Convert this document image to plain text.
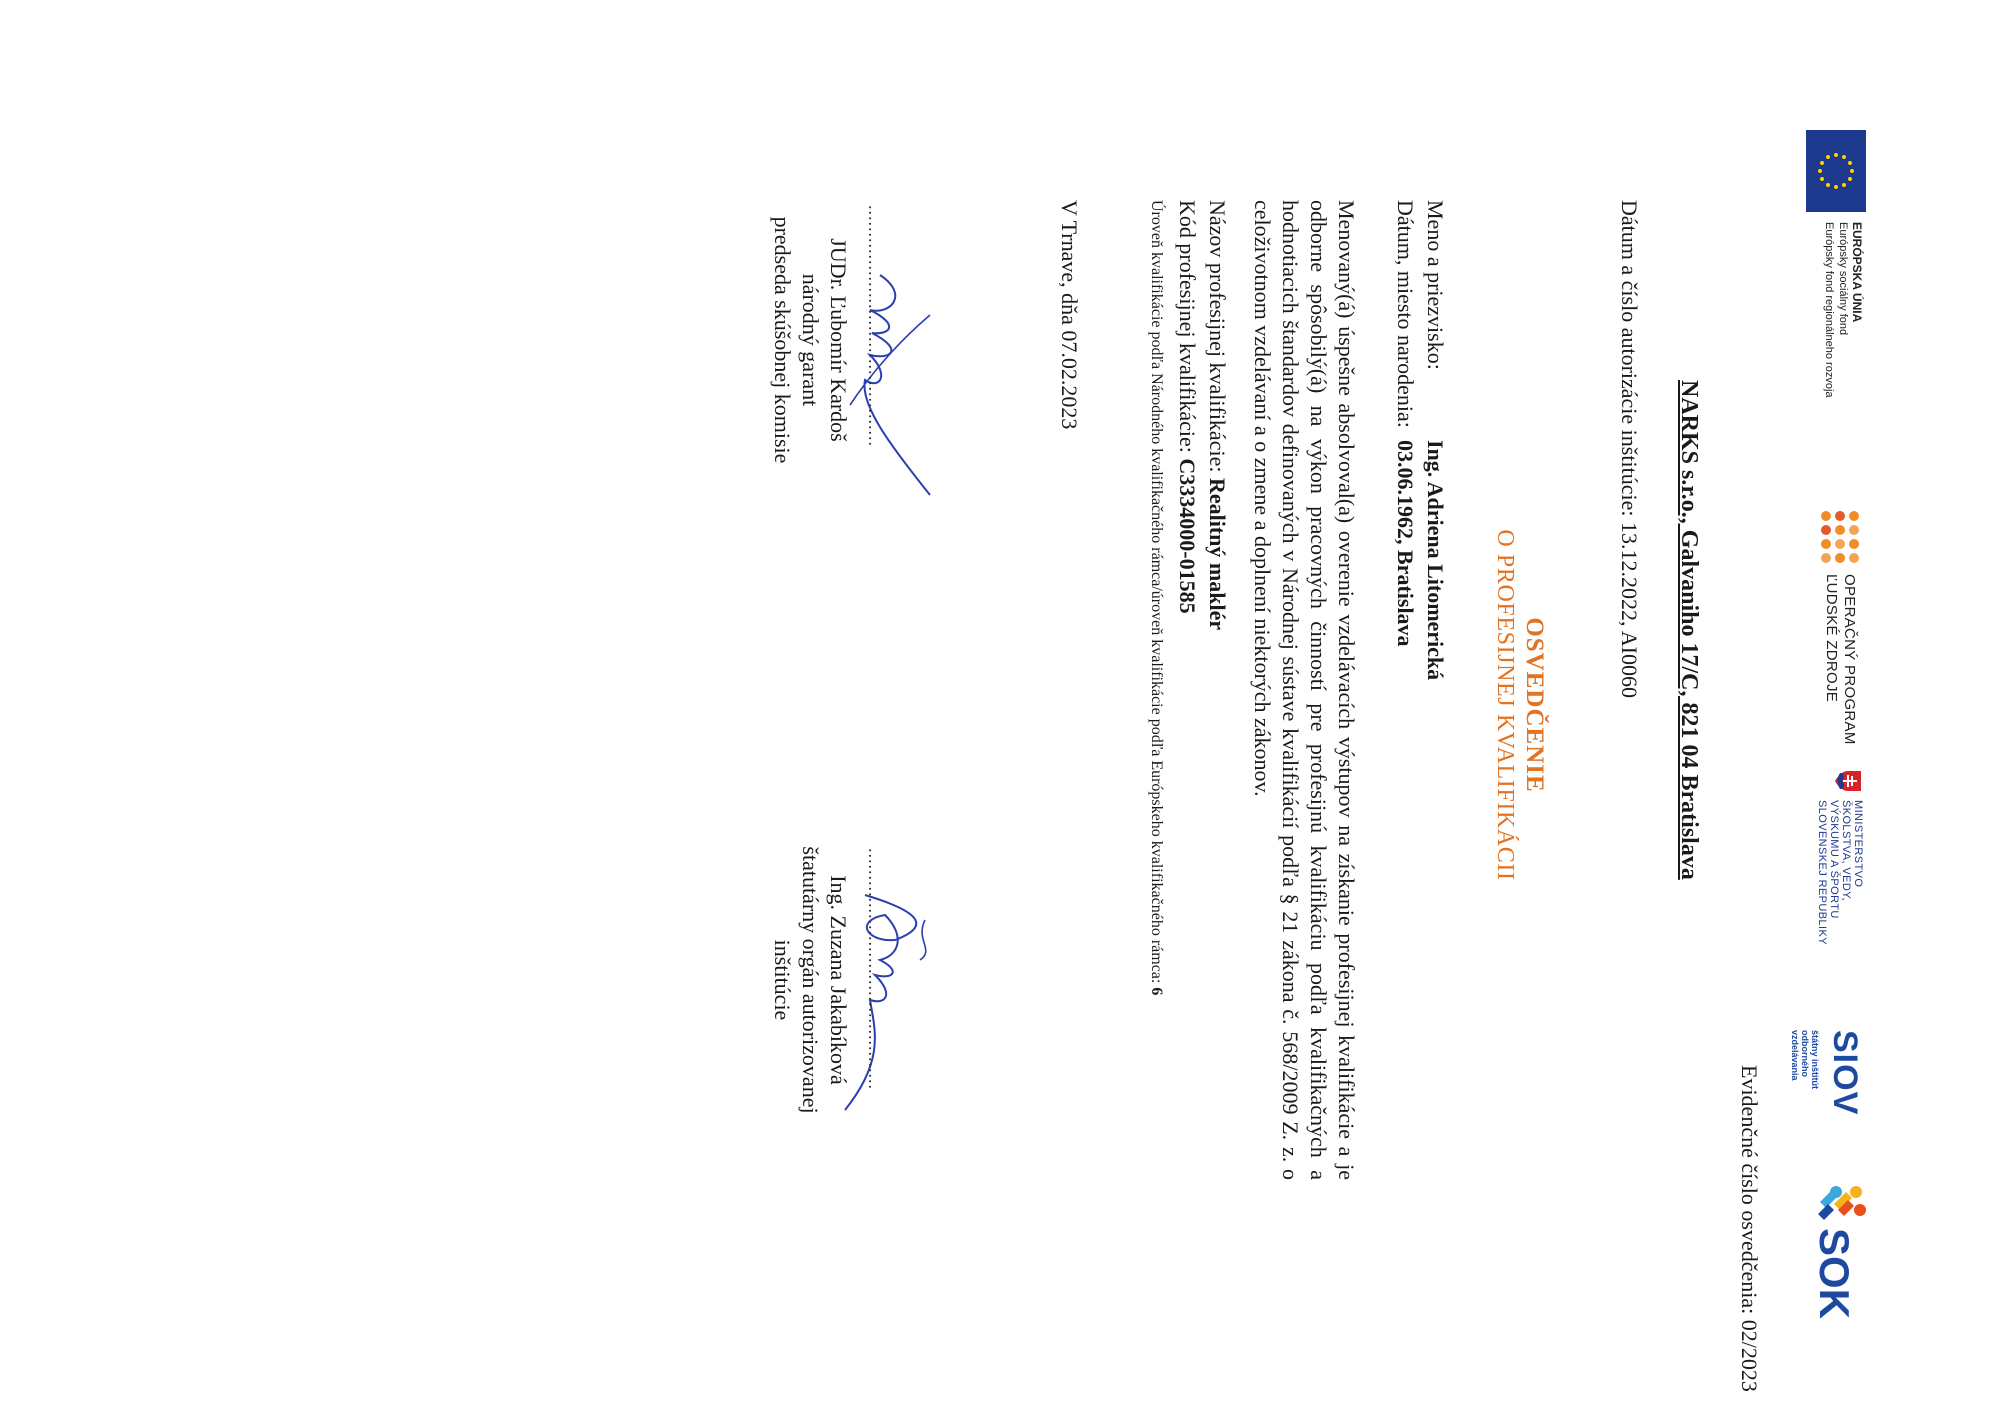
EURÓPSKA ÚNIA
Európsky sociálny fond
Európsky fond regionálneho rozvoja
OPERAČNÝ PROGRAM
ĽUDSKÉ ZDROJE
MINISTERSTVO
ŠKOLSTVA, VEDY,
VÝSKUMU A ŠPORTU
SLOVENSKEJ REPUBLIKY
SIOV
štátny inštitút
odborného
vzdelávania
SOK
Evidenčné číslo osvedčenia: 02/2023
NARKS s.r.o., Galvaniho 17/C, 821 04 Bratislava
Dátum a číslo autorizácie inštitúcie: 13.12.2022, AI0060
OSVEDČENIE
O PROFESIJNEJ KVALIFIKÁCII
Meno a priezvisko:
Ing. Adriena Litomerická
Dátum, miesto narodenia:
03.06.1962, Bratislava
Menovaný(á) úspešne absolvoval(a) overenie vzdelávacích výstupov na získanie profesijnej kvalifikácie a je odborne spôsobilý(á) na výkon pracovných činností pre profesijnú kvalifikáciu podľa kvalifikačných a hodnotiacich štandardov definovaných v Národnej sústave kvalifikácií podľa § 21 zákona č. 568/2009 Z. z. o celoživotnom vzdelávaní a o zmene a doplnení niektorých zákonov.
Názov profesijnej kvalifikácie: Realitný maklér
Kód profesijnej kvalifikácie: C3334000-01585
Úroveň kvalifikácie podľa Národného kvalifikačného rámca/úroveň kvalifikácie podľa Európskeho kvalifikačného rámca: 6
V Trnave, dňa 07.02.2023
............................................
JUDr. Ľubomír Kardoš
národný garant
predseda skúšobnej komisie
............................................
Ing. Zuzana Jakabíková
štatutárny orgán autorizovanej
inštitúcie
